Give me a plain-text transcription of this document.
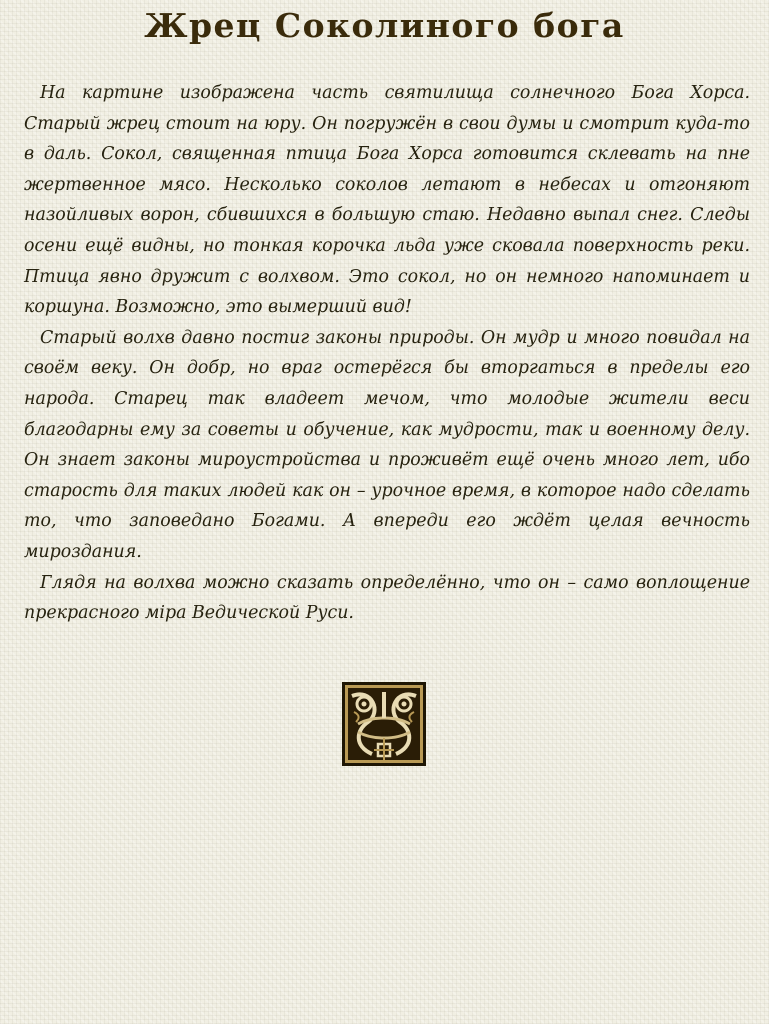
Жрец Соколиного бога

На картине изображена часть святилища солнечного Бога Хорса. Старый жрец стоит на юру. Он погружён в свои думы и смотрит куда-то в даль. Сокол, священная птица Бога Хорса готовится склевать на пне жертвенное мясо. Несколько соколов летают в небесах и отгоняют назойливых ворон, сбившихся в большую стаю. Недавно выпал снег. Следы осени ещё видны, но тонкая корочка льда уже сковала поверхность реки. Птица явно дружит с волхвом. Это сокол, но он немного напоминает и коршуна. Возможно, это вымерший вид!

Старый волхв давно постиг законы природы. Он мудр и много повидал на своём веку. Он добр, но враг остерёгся бы вторгаться в пределы его народа. Старец так владеет мечом, что молодые жители веси благодарны ему за советы и обучение, как мудрости, так и военному делу. Он знает законы мироустройства и проживёт ещё очень много лет, ибо старость для таких людей как он – урочное время, в которое надо сделать то, что заповедано Богами. А впереди его ждёт целая вечность мироздания.

Глядя на волхва можно сказать определённо, что он – само воплощение прекрасного міра Ведической Руси.
